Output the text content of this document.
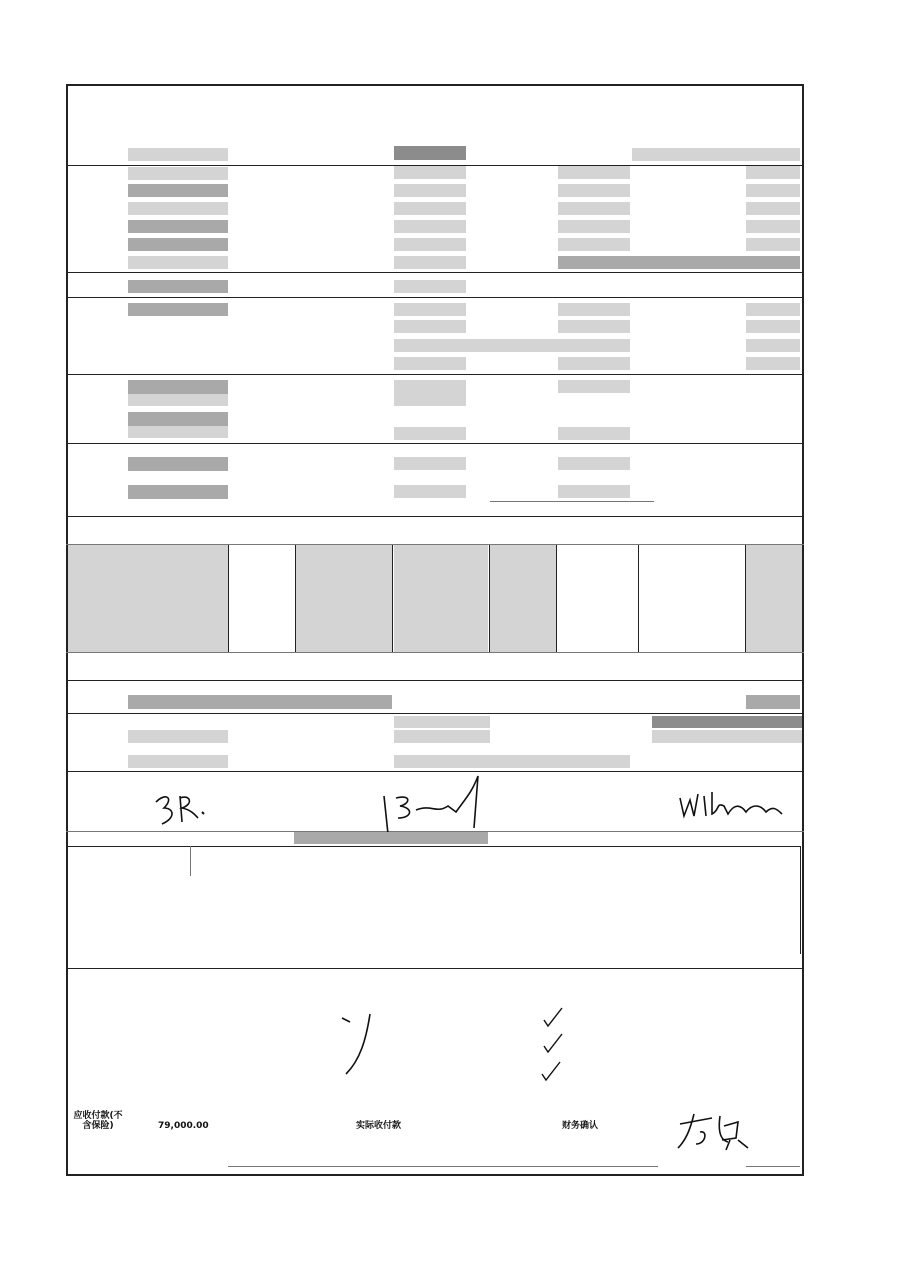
应收付款(不含保险)	79,000.00	实际收付款	财务确认
